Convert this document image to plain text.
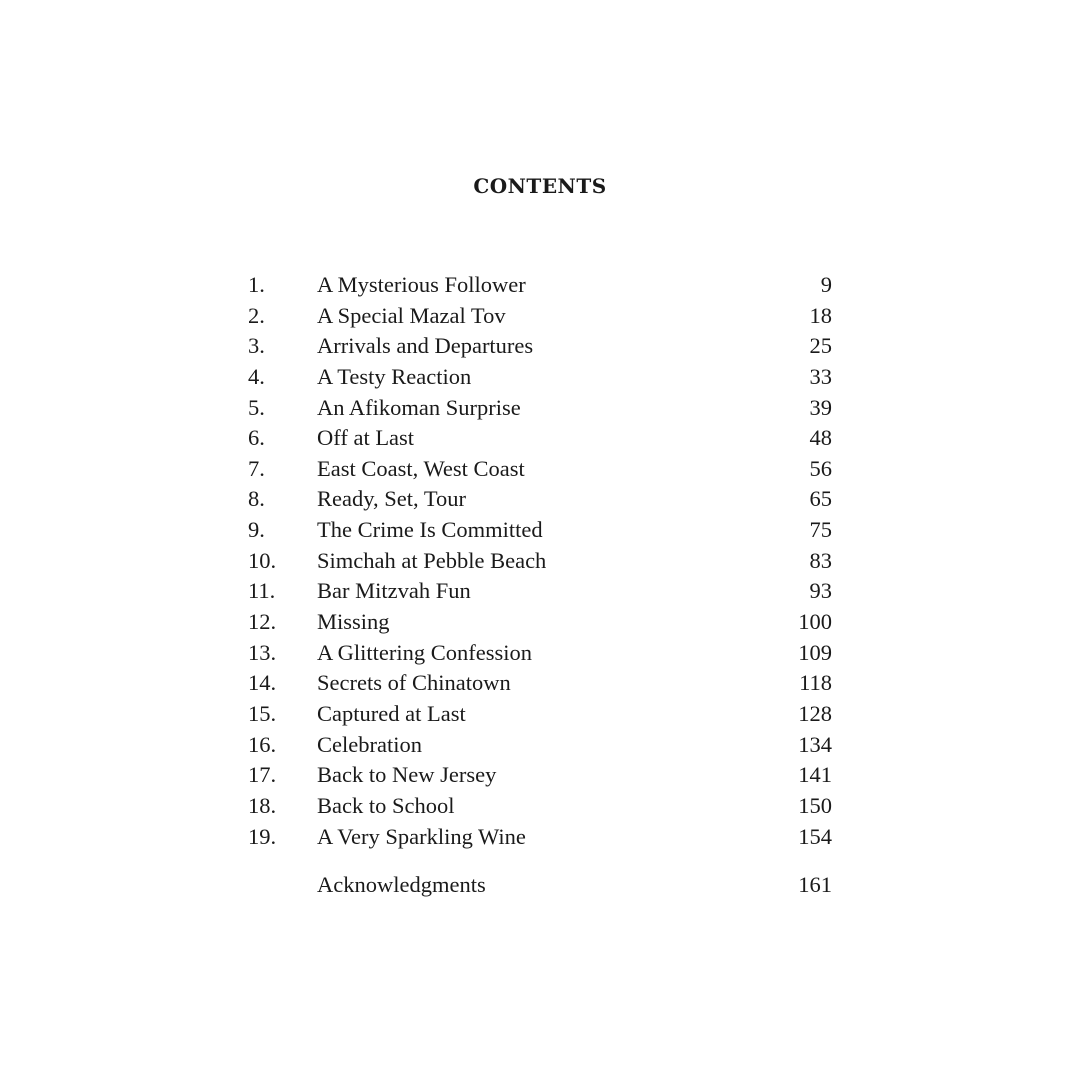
CONTENTS
1.	A Mysterious Follower	9
2.	A Special Mazal Tov	18
3.	Arrivals and Departures	25
4.	A Testy Reaction	33
5.	An Afikoman Surprise	39
6.	Off at Last	48
7.	East Coast, West Coast	56
8.	Ready, Set, Tour	65
9.	The Crime Is Committed	75
10.	Simchah at Pebble Beach	83
11.	Bar Mitzvah Fun	93
12.	Missing	100
13.	A Glittering Confession	109
14.	Secrets of Chinatown	118
15.	Captured at Last	128
16.	Celebration	134
17.	Back to New Jersey	141
18.	Back to School	150
19.	A Very Sparkling Wine	154
Acknowledgments	161
